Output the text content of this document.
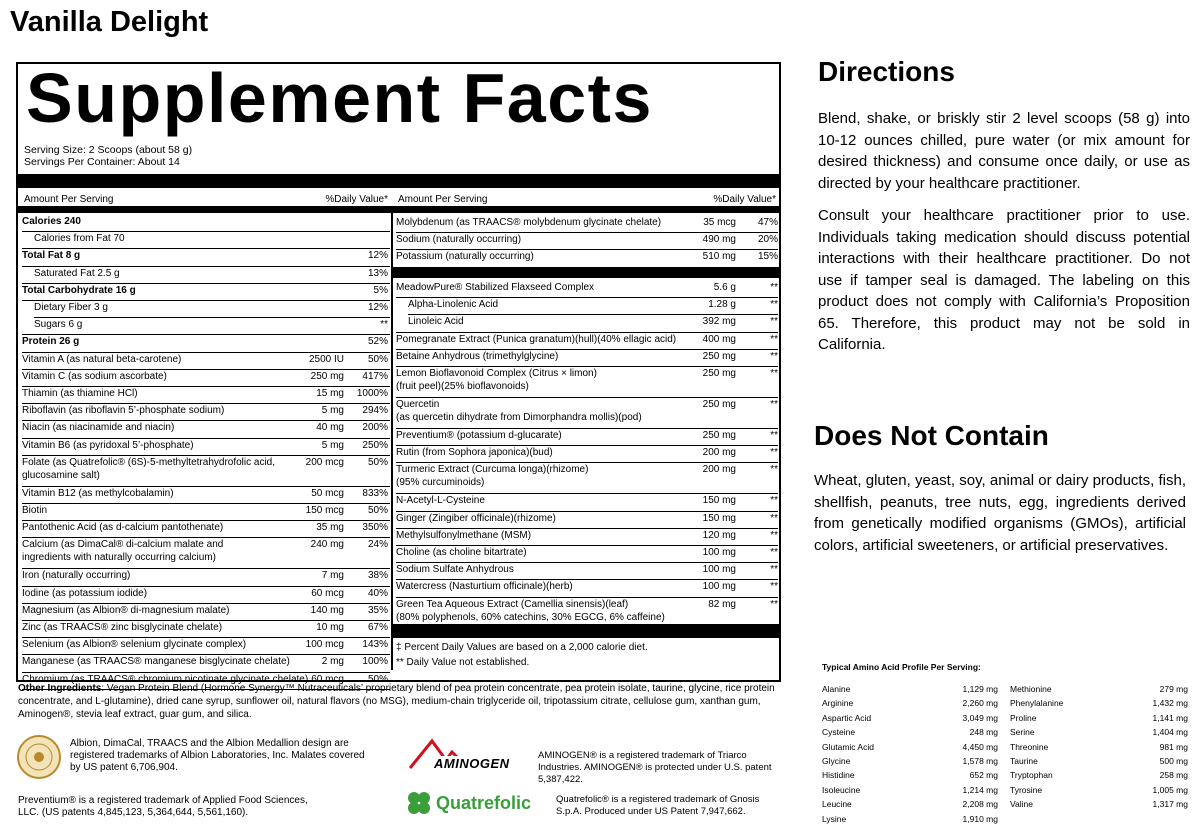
Vanilla Delight
Supplement Facts
Serving Size: 2 Scoops (about 58 g)
Servings Per Container: About 14
Amount Per Serving	%Daily Value* Amount Per Serving	%Daily Value*
Calories 240
Calories from Fat 70
Total Fat 8 g	12%
Saturated Fat 2.5 g	13%
Total Carbohydrate 16 g	5%
Dietary Fiber 3 g	12%
Sugars 6 g	**
Protein 26 g	52%
Vitamin A (as natural beta-carotene)	2500 IU 50%
Vitamin C (as sodium ascorbate)	250 mg 417%
Thiamin (as thiamine HCl)	15 mg 1000%
Riboflavin (as riboflavin 5’-phosphate sodium)	5 mg 294%
Niacin (as niacinamide and niacin)	40 mg 200%
Vitamin B6 (as pyridoxal 5’-phosphate)	5 mg 250%
Folate (as Quatrefolic® (6S)-5-methyltetrahydrofolic acid,
glucosamine salt)
200 mcg 50%
Vitamin B12 (as methylcobalamin)	50 mcg 833%
Biotin	150 mcg 50%
Pantothenic Acid (as d-calcium pantothenate)	35 mg 350%
Calcium (as DimaCal® di-calcium malate and
ingredients with naturally occurring calcium)
240 mg 24%
Iron (naturally occurring)	7 mg 38%
Iodine (as potassium iodide)	60 mcg 40%
Magnesium (as Albion® di-magnesium malate)	140 mg 35%
Zinc (as TRAACS® zinc bisglycinate chelate)	10 mg 67%
Selenium (as Albion® selenium glycinate complex)	100 mcg 143%
Manganese (as TRAACS® manganese bisglycinate chelate)	2 mg 100%
Chromium (as TRAACS® chromium nicotinate glycinate chelate) 60 mcg 50%
Molybdenum (as TRAACS® molybdenum glycinate chelate)	35 mcg 47%
Sodium (naturally occurring)	490 mg 20%
Potassium (naturally occurring)	510 mg 15%
MeadowPure® Stabilized Flaxseed Complex	5.6 g	**
Alpha-Linolenic Acid	1.28 g	**
Linoleic Acid	392 mg	**
Pomegranate Extract (Punica granatum)(hull)(40% ellagic acid)	400 mg	**
Betaine Anhydrous (trimethylglycine)	250 mg	**
Lemon Bioflavonoid Complex (Citrus × limon)
(fruit peel)(25% bioflavonoids)
250 mg	**
Quercetin
(as quercetin dihydrate from Dimorphandra mollis)(pod)
250 mg	**
Preventium® (potassium d-glucarate)	250 mg	**
Rutin (from Sophora japonica)(bud)	200 mg	**
Turmeric Extract (Curcuma longa)(rhizome)
(95% curcuminoids)
200 mg	**
N-Acetyl-L-Cysteine	150 mg	**
Ginger (Zingiber officinale)(rhizome)	150 mg	**
Methylsulfonylmethane (MSM)	120 mg	**
Choline (as choline bitartrate)	100 mg	**
Sodium Sulfate Anhydrous	100 mg	**
Watercress (Nasturtium officinale)(herb)	100 mg	**
Green Tea Aqueous Extract (Camellia sinensis)(leaf)
(80% polyphenols, 60% catechins, 30% EGCG, 6% caffeine)
82 mg	**
‡ Percent Daily Values are based on a 2,000 calorie diet.
** Daily Value not established.
Other Ingredients: Vegan Protein Blend (Hormone Synergy™ Nutraceuticals’ proprietary blend of pea protein concentrate, pea protein isolate, taurine, glycine, rice protein concentrate, and L-glutamine), dried cane syrup, sunflower oil, natural flavors (no MSG), medium-chain triglyceride oil, tripotassium citrate, cellulose gum, xanthan gum, Aminogen®, stevia leaf extract, guar gum, and silica.
Albion, DimaCal, TRAACS and the Albion Medallion design are registered trademarks of Albion Laboratories, Inc. Malates covered by US patent 6,706,904.
Preventium® is a registered trademark of Applied Food Sciences, LLC. (US patents 4,845,123, 5,364,644, 5,561,160).
AMINOGEN
AMINOGEN® is a registered trademark of Triarco Industries. AMINOGEN® is protected under U.S. patent 5,387,422.
Quatrefolic	Quatrefolic® is a registered trademark of Gnosis S.p.A. Produced under US Patent 7,947,662.
Directions
Blend, shake, or briskly stir 2 level scoops (58 g) into 10-12 ounces chilled, pure water (or mix amount for desired thickness) and consume once daily, or use as directed by your healthcare practitioner.
Consult your healthcare practitioner prior to use. Individuals taking medication should discuss potential interactions with their healthcare practitioner. Do not use if tamper seal is damaged. The labeling on this product does not comply with California’s Proposition 65. Therefore, this product may not be sold in California.
Does Not Contain
Wheat, gluten, yeast, soy, animal or dairy products, fish, shellfish, peanuts, tree nuts, egg, ingredients derived from genetically modified organisms (GMOs), artificial colors, artificial sweeteners, or artificial preservatives.
Typical Amino Acid Profile Per Serving:
Alanine	1,129 mg
Arginine	2,260 mg
Aspartic Acid	3,049 mg
Cysteine	248 mg
Glutamic Acid	4,450 mg
Glycine	1,578 mg
Histidine	652 mg
Isoleucine	1,214 mg
Leucine	2,208 mg
Lysine	1,910 mg
Methionine	279 mg
Phenylalanine	1,432 mg
Proline	1,141 mg
Serine	1,404 mg
Threonine	981 mg
Taurine	500 mg
Tryptophan	258 mg
Tyrosine	1,005 mg
Valine	1,317 mg
